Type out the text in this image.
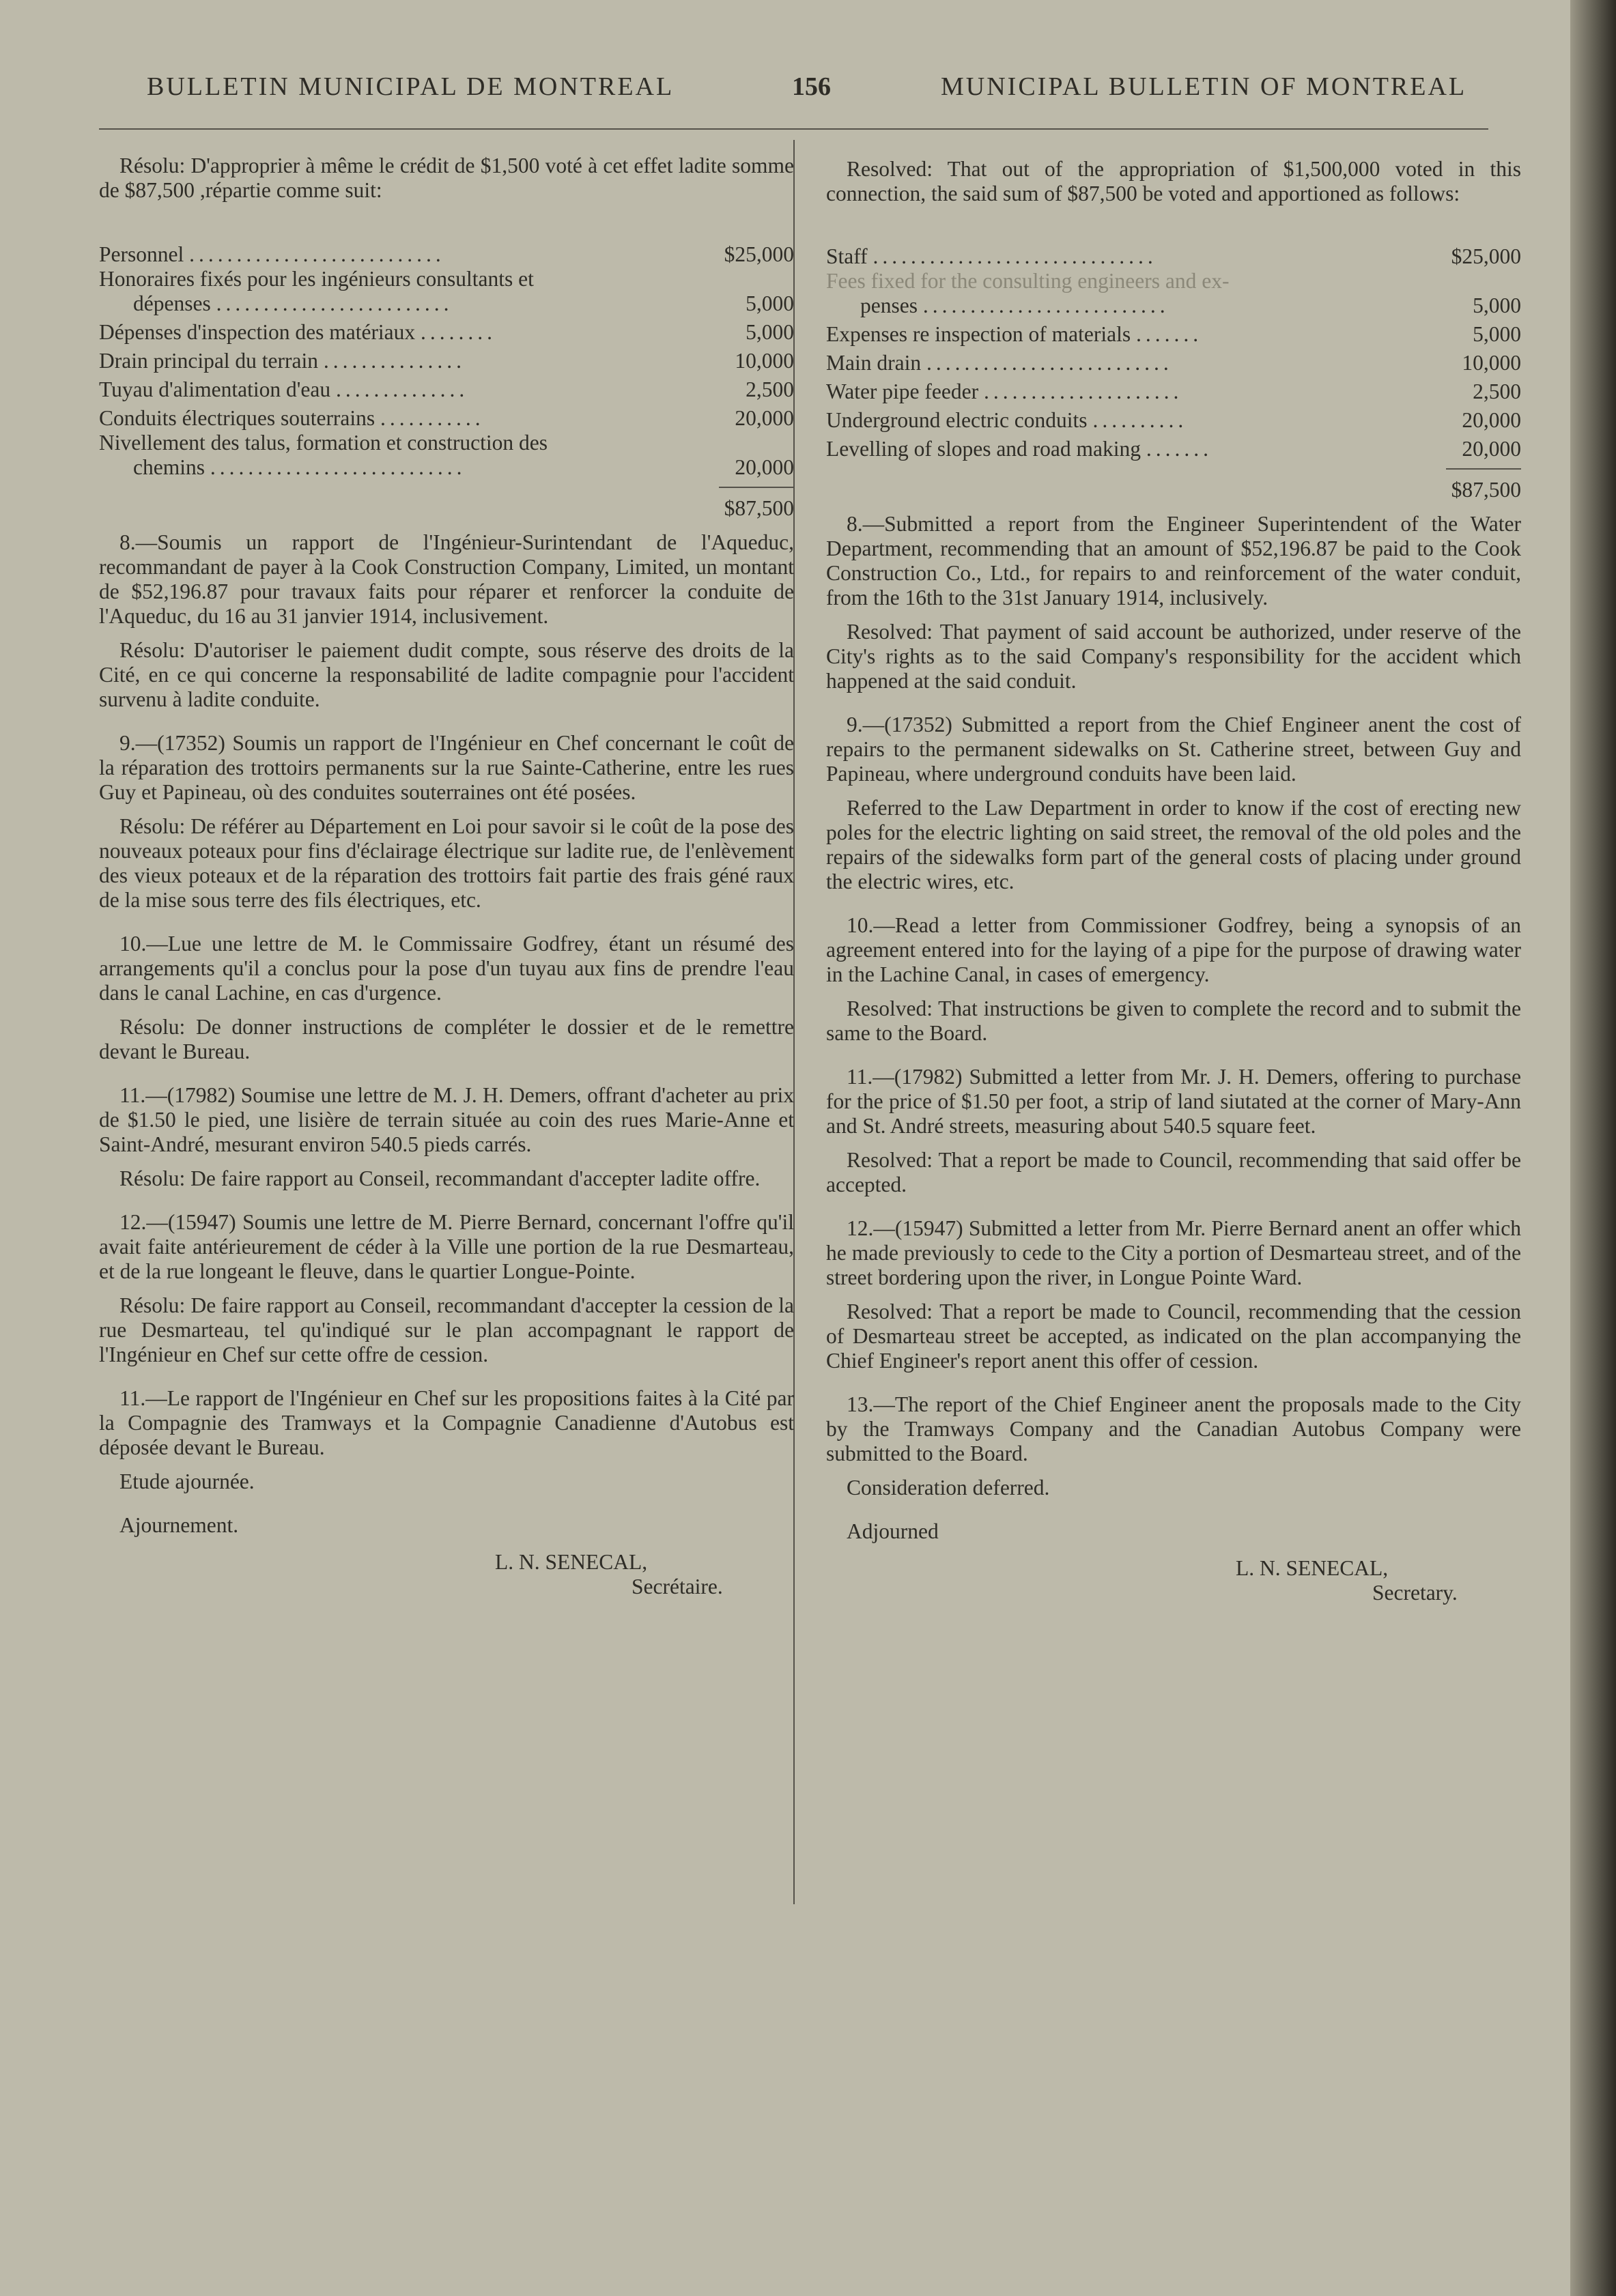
BULLETIN MUNICIPAL DE MONTREAL	156	MUNICIPAL BULLETIN OF MONTREAL

Résolu: D'approprier à même le crédit de $1,500 voté à cet effet ladite somme de $87,500 ,répartie comme suit:

Personnel ...........................	$25,000
Honoraires fixés pour les ingénieurs consultants et
dépenses .........................	5,000
Dépenses d'inspection des matériaux ........	5,000
Drain principal du terrain ...............	10,000
Tuyau d'alimentation d'eau ..............	2,500
Conduits électriques souterrains ...........	20,000
Nivellement des talus, formation et construction des
chemins ...........................	20,000
$87,500

8.—Soumis un rapport de l'Ingénieur-Surintendant de l'Aqueduc, recommandant de payer à la Cook Construction Company, Limited, un montant de $52,196.87 pour travaux faits pour réparer et renforcer la conduite de l'Aqueduc, du 16 au 31 janvier 1914, inclusivement.

Résolu: D'autoriser le paiement dudit compte, sous réserve des droits de la Cité, en ce qui concerne la responsabilité de ladite compagnie pour l'accident survenu à ladite conduite.

9.—(17352) Soumis un rapport de l'Ingénieur en Chef concernant le coût de la réparation des trottoirs permanents sur la rue Sainte-Catherine, entre les rues Guy et Papineau, où des conduites souterraines ont été posées.

Résolu: De référer au Département en Loi pour savoir si le coût de la pose des nouveaux poteaux pour fins d'éclairage électrique sur ladite rue, de l'enlèvement des vieux poteaux et de la réparation des trottoirs fait partie des frais géné raux de la mise sous terre des fils électriques, etc.

10.—Lue une lettre de M. le Commissaire Godfrey, étant un résumé des arrangements qu'il a conclus pour la pose d'un tuyau aux fins de prendre l'eau dans le canal Lachine, en cas d'urgence.

Résolu: De donner instructions de compléter le dossier et de le remettre devant le Bureau.

11.—(17982) Soumise une lettre de M. J. H. Demers, offrant d'acheter au prix de $1.50 le pied, une lisière de terrain située au coin des rues Marie-Anne et Saint-André, mesurant environ 540.5 pieds carrés.

Résolu: De faire rapport au Conseil, recommandant d'accepter ladite offre.

12.—(15947) Soumis une lettre de M. Pierre Bernard, concernant l'offre qu'il avait faite antérieurement de céder à la Ville une portion de la rue Desmarteau, et de la rue longeant le fleuve, dans le quartier Longue-Pointe.

Résolu: De faire rapport au Conseil, recommandant d'accepter la cession de la rue Desmarteau, tel qu'indiqué sur le plan accompagnant le rapport de l'Ingénieur en Chef sur cette offre de cession.

11.—Le rapport de l'Ingénieur en Chef sur les propositions faites à la Cité par la Compagnie des Tramways et la Compagnie Canadienne d'Autobus est déposée devant le Bureau.

Etude ajournée.

Ajournement.

L. N. SENECAL,
Secrétaire.

Resolved: That out of the appropriation of $1,500,000 voted in this connection, the said sum of $87,500 be voted and apportioned as follows:

Staff ..............................	$25,000
Fees fixed for the consulting engineers and ex-
penses ..........................	5,000
Expenses re inspection of materials .......	5,000
Main drain ..........................	10,000
Water pipe feeder .....................	2,500
Underground electric conduits ..........	20,000
Levelling of slopes and road making .......	20,000
$87,500

8.—Submitted a report from the Engineer Superintendent of the Water Department, recommending that an amount of $52,196.87 be paid to the Cook Construction Co., Ltd., for repairs to and reinforcement of the water conduit, from the 16th to the 31st January 1914, inclusively.

Resolved: That payment of said account be authorized, under reserve of the City's rights as to the said Company's responsibility for the accident which happened at the said conduit.

9.—(17352) Submitted a report from the Chief Engineer anent the cost of repairs to the permanent sidewalks on St. Catherine street, between Guy and Papineau, where underground conduits have been laid.

Referred to the Law Department in order to know if the cost of erecting new poles for the electric lighting on said street, the removal of the old poles and the repairs of the sidewalks form part of the general costs of placing under ground the electric wires, etc.

10.—Read a letter from Commissioner Godfrey, being a synopsis of an agreement entered into for the laying of a pipe for the purpose of drawing water in the Lachine Canal, in cases of emergency.

Resolved: That instructions be given to complete the record and to submit the same to the Board.

11.—(17982) Submitted a letter from Mr. J. H. Demers, offering to purchase for the price of $1.50 per foot, a strip of land siutated at the corner of Mary-Ann and St. André streets, measuring about 540.5 square feet.

Resolved: That a report be made to Council, recommending that said offer be accepted.

12.—(15947) Submitted a letter from Mr. Pierre Bernard anent an offer which he made previously to cede to the City a portion of Desmarteau street, and of the street bordering upon the river, in Longue Pointe Ward.

Resolved: That a report be made to Council, recommending that the cession of Desmarteau street be accepted, as indicated on the plan accompanying the Chief Engineer's report anent this offer of cession.

13.—The report of the Chief Engineer anent the proposals made to the City by the Tramways Company and the Canadian Autobus Company were submitted to the Board.

Consideration deferred.

Adjourned

L. N. SENECAL,
Secretary.
